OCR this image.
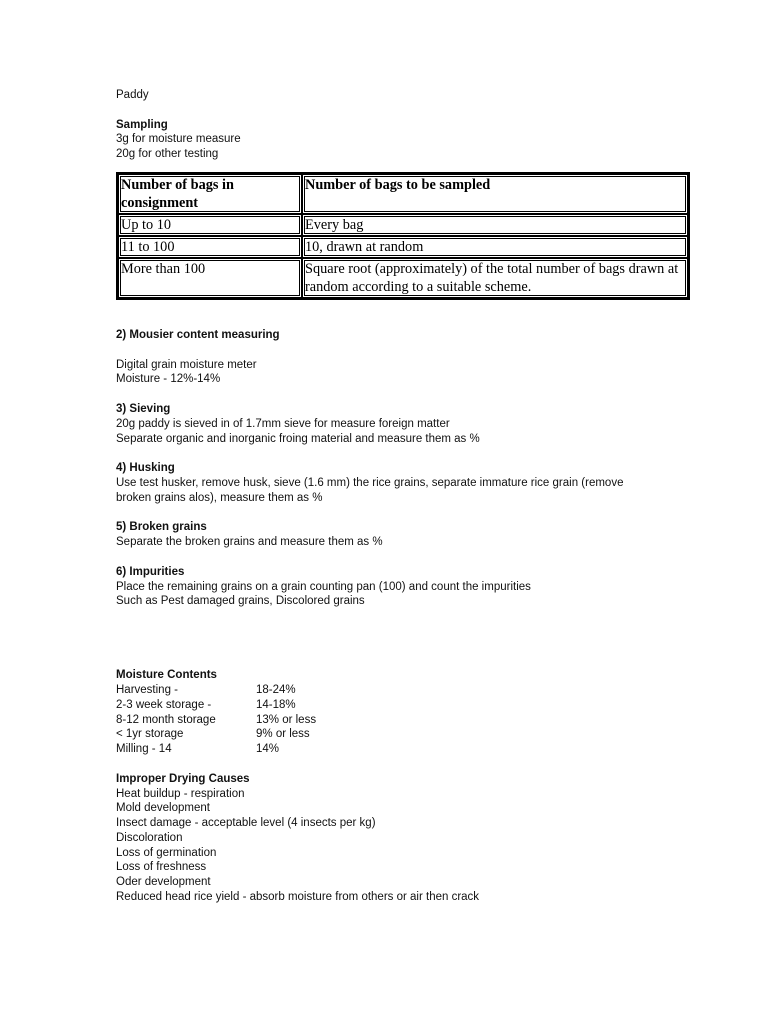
Paddy
Sampling
3g for moisture measure
20g for other testing
Number of bags in consignment	Number of bags to be sampled
Up to 10	Every bag
11 to 100	10, drawn at random
More than 100	Square root (approximately) of the total number of bags drawn at random according to a suitable scheme.
2) Mousier content measuring
Digital grain moisture meter
Moisture - 12%-14%
3) Sieving
20g paddy is sieved in of 1.7mm sieve for measure foreign matter
Separate organic and inorganic froing material and measure them as %
4) Husking
Use test husker, remove husk, sieve (1.6 mm) the rice grains, separate immature rice grain (remove
broken grains alos), measure them as %
5) Broken grains
Separate the broken grains and measure them as %
6) Impurities
Place the remaining grains on a grain counting pan (100) and count the impurities
Such as Pest damaged grains, Discolored grains
Moisture Contents
Harvesting -	18-24%
2-3 week storage -	14-18%
8-12 month storage	13% or less
< 1yr storage	9% or less
Milling - 14	14%
Improper Drying Causes
Heat buildup - respiration
Mold development
Insect damage - acceptable level (4 insects per kg)
Discoloration
Loss of germination
Loss of freshness
Oder development
Reduced head rice yield - absorb moisture from others or air then crack
